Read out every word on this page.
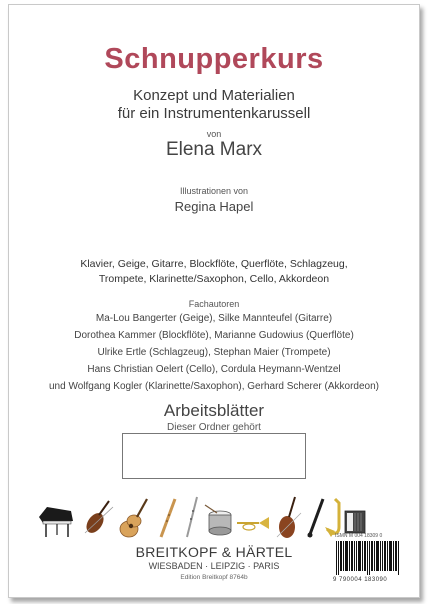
Schnupperkurs
Konzept und Materialien
für ein Instrumentenkarussell
von
Elena Marx
Illustrationen von
Regina Hapel
Klavier, Geige, Gitarre, Blockflöte, Querflöte, Schlagzeug,
Trompete, Klarinette/Saxophon, Cello, Akkordeon
Fachautoren
Ma-Lou Bangerter (Geige), Silke Mannteufel (Gitarre)
Dorothea Kammer (Blockflöte), Marianne Gudowius (Querflöte)
Ulrike Ertle (Schlagzeug), Stephan Maier (Trompete)
Hans Christian Oelert (Cello), Cordula Heymann-Wentzel
und Wolfgang Kogler (Klarinette/Saxophon), Gerhard Scherer (Akkordeon)
Arbeitsblätter
Dieser Ordner gehört
BREITKOPF & HÄRTEL
WIESBADEN · LEIPZIG · PARIS
Edition Breitkopf 8764b
ISMN M 004 18309 0
9 790004 183090
